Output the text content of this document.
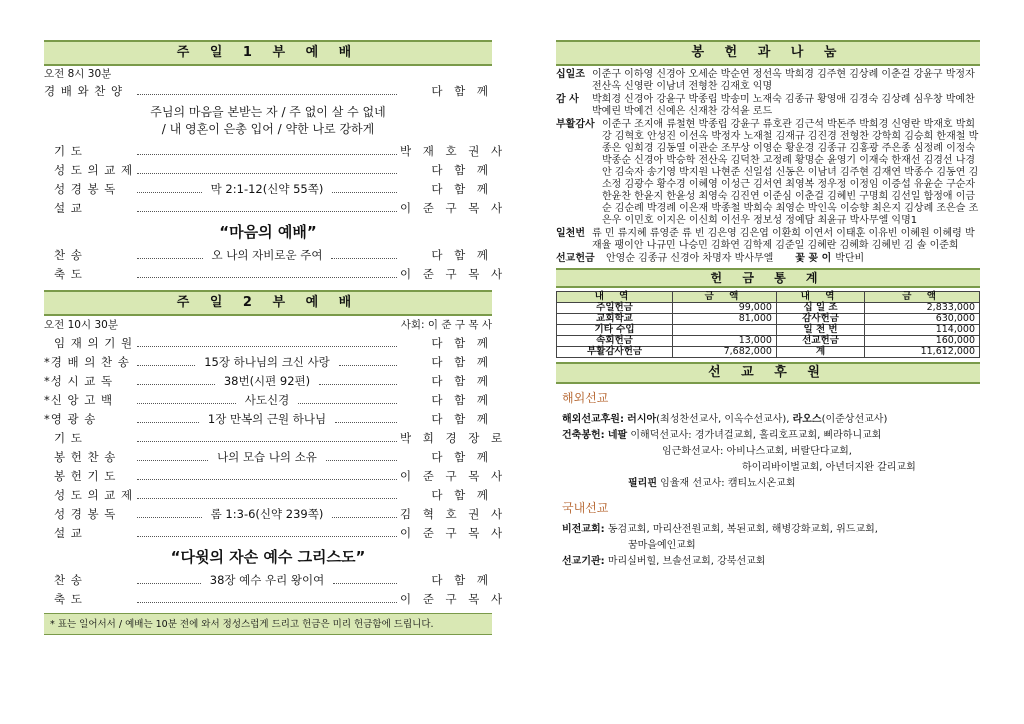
주 일 1 부 예 배
오전 8시 30분
경 배 와 찬 양	다 함 께
주님의 마음을 본받는 자 / 주 없이 살 수 없네
/ 내 영혼이 은총 입어 / 약한 나로 강하게
기 도	박 재 호 권 사
성 도 의 교 제	다 함 께
성 경 봉 독	막 2:1-12(신약 55쪽)	다 함 께
설 교	이 준 구 목 사
“마음의 예배”
찬 송	오 나의 자비로운 주여	다 함 께
축 도	이 준 구 목 사
주 일 2 부 예 배
오전 10시 30분	사회: 이 준 구 목 사
임 재 의 기 원	다 함 께
*경 배 의 찬 송	15장 하나님의 크신 사랑	다 함 께
*성 시 교 독	38번(시편 92편)	다 함 께
*신 앙 고 백	사도신경	다 함 께
*영 광 송	1장 만복의 근원 하나님	다 함 께
기 도	박 희 경 장 로
봉 헌 찬 송	나의 모습 나의 소유	다 함 께
봉 헌 기 도	이 준 구 목 사
성 도 의 교 제	다 함 께
성 경 봉 독	롬 1:3-6(신약 239쪽)	김 혁 호 권 사
설 교	이 준 구 목 사
“다윗의 자손 예수 그리스도”
찬 송	38장 예수 우리 왕이여	다 함 께
축 도	이 준 구 목 사
* 표는 일어서서 / 예배는 10분 전에 와서 정성스럽게 드리고 헌금은 미리 헌금함에 드립니다.
봉 헌 과 나 눔
십일조 이준구 이하영 신경아 오세순 박순연 정선옥 박희경 김주현 김상례 이춘걸 강윤구 박정자 전산옥 신영란 이남녀 전형찬 김재호 익명
감 사	박희경 신경아 강윤구 박종립 박송미 노재숙 김종규 황영애 김경숙 김상례 심우창 박예찬 박예린 박예건 신예은 신재찬 강석윤 로드
부활감사 이준구 조지애 류철현 박종립 강윤구 류호관 김근석 박돈주 박희경 신영란 박재호 박희강 김혁호 안성진 이선옥 박정자 노재철 김재규 김진경 전형찬 강학희 김승희 한재철 박종은 임희경 김동열 이관순 조무상 이영순 황운경 김종규 김홍광 주은종 심정례 이정숙 박종순 신경아 박승학 전산옥 김덕찬 고정례 황명순 윤영기 이재숙 한재선 김경선 나경안 김숙자 송기영 박지원 나현준 신일섭 신동은 이남녀 김주현 김재연 박종수 김동연 김소정 김광수 황수경 이혜영 이성근 김서연 최영복 정우정 이정임 이증섭 유윤순 구순자 한윤찬 한윤지 한윤성 최영숙 김진연 이준심 이춘걸 김혜빈 구명희 김선일 함정애 이금순 김순례 박경례 이은재 박종철 박희숙 최영순 박인옥 이승향 최은지 김상례 조은슬 조은우 이민호 이지은 이신희 이선우 정보성 정예담 최윤규 박사무엘 익명1
일천번 류 민 류지혜 류영준 류 빈 김은영 김은엽 이환희 이연서 이태훈 이유빈 이혜원 이혜령 박재율 팽이안 나규민 나승민 김화연 김학제 김준일 김혜란 김혜화 김혜빈 김 솔 이준희
선교헌금	안영순 김종규 신경아 차명자 박사무엘 꽃 꽂 이 박단비
헌 금 통 계
내 역	금 액	내 역	금 액
주일헌금	99,000	십 일 조	2,833,000
교회학교	81,000	감사헌금	630,000
기타 수입		일 천 번	114,000
속회헌금	13,000	선교헌금	160,000
부활감사헌금	7,682,000	계	11,612,000
선 교 후 원
해외선교
해외선교후원: 러시아(최성찬선교사, 이옥수선교사), 라오스(이준상선교사)
건축봉헌: 네팔 이해덕선교사: 경가녀걸교회, 홀리호프교회, 삐라하니교회
임근화선교사: 아비나스교회, 버랄단다교회,
하이리바이벌교회, 아년더지완 갈리교회
필리핀 임율재 선교사: 캠티뇨시온교회
국내선교
비전교회: 동검교회, 마리산전원교회, 복된교회, 해병강화교회, 위드교회,
꿈마을예인교회
선교기관: 마리실버힐, 브솔선교회, 강북선교회
